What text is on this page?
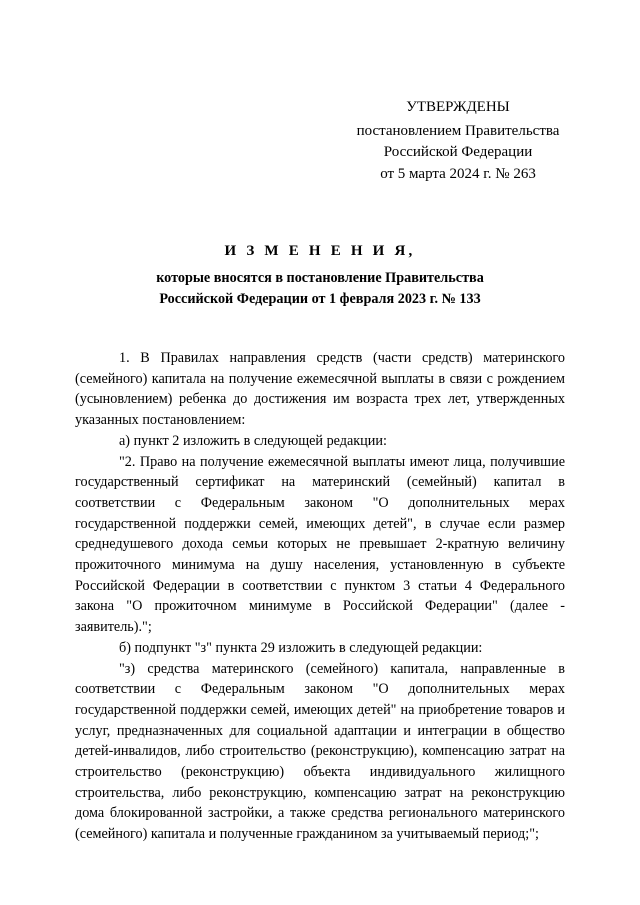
УТВЕРЖДЕНЫ
постановлением Правительства
Российской Федерации
от 5 марта 2024 г. № 263
И З М Е Н Е Н И Я,
которые вносятся в постановление Правительства
Российской Федерации от 1 февраля 2023 г. № 133

1. В Правилах направления средств (части средств) материнского (семейного) капитала на получение ежемесячной выплаты в связи с рождением (усыновлением) ребенка до достижения им возраста трех лет, утвержденных указанных постановлением:

а) пункт 2 изложить в следующей редакции:

"2. Право на получение ежемесячной выплаты имеют лица, получившие государственный сертификат на материнский (семейный) капитал в соответствии с Федеральным законом "О дополнительных мерах государственной поддержки семей, имеющих детей", в случае если размер среднедушевого дохода семьи которых не превышает 2-кратную величину прожиточного минимума на душу населения, установленную в субъекте Российской Федерации в соответствии с пунктом 3 статьи 4 Федерального закона "О прожиточном минимуме в Российской Федерации" (далее - заявитель).";

б) подпункт "з" пункта 29 изложить в следующей редакции:

"з) средства материнского (семейного) капитала, направленные в соответствии с Федеральным законом "О дополнительных мерах государственной поддержки семей, имеющих детей" на приобретение товаров и услуг, предназначенных для социальной адаптации и интеграции в общество детей-инвалидов, либо строительство (реконструкцию), компенсацию затрат на строительство (реконструкцию) объекта индивидуального жилищного строительства, либо реконструкцию, компенсацию затрат на реконструкцию дома блокированной застройки, а также средства регионального материнского (семейного) капитала и полученные гражданином за учитываемый период;";
